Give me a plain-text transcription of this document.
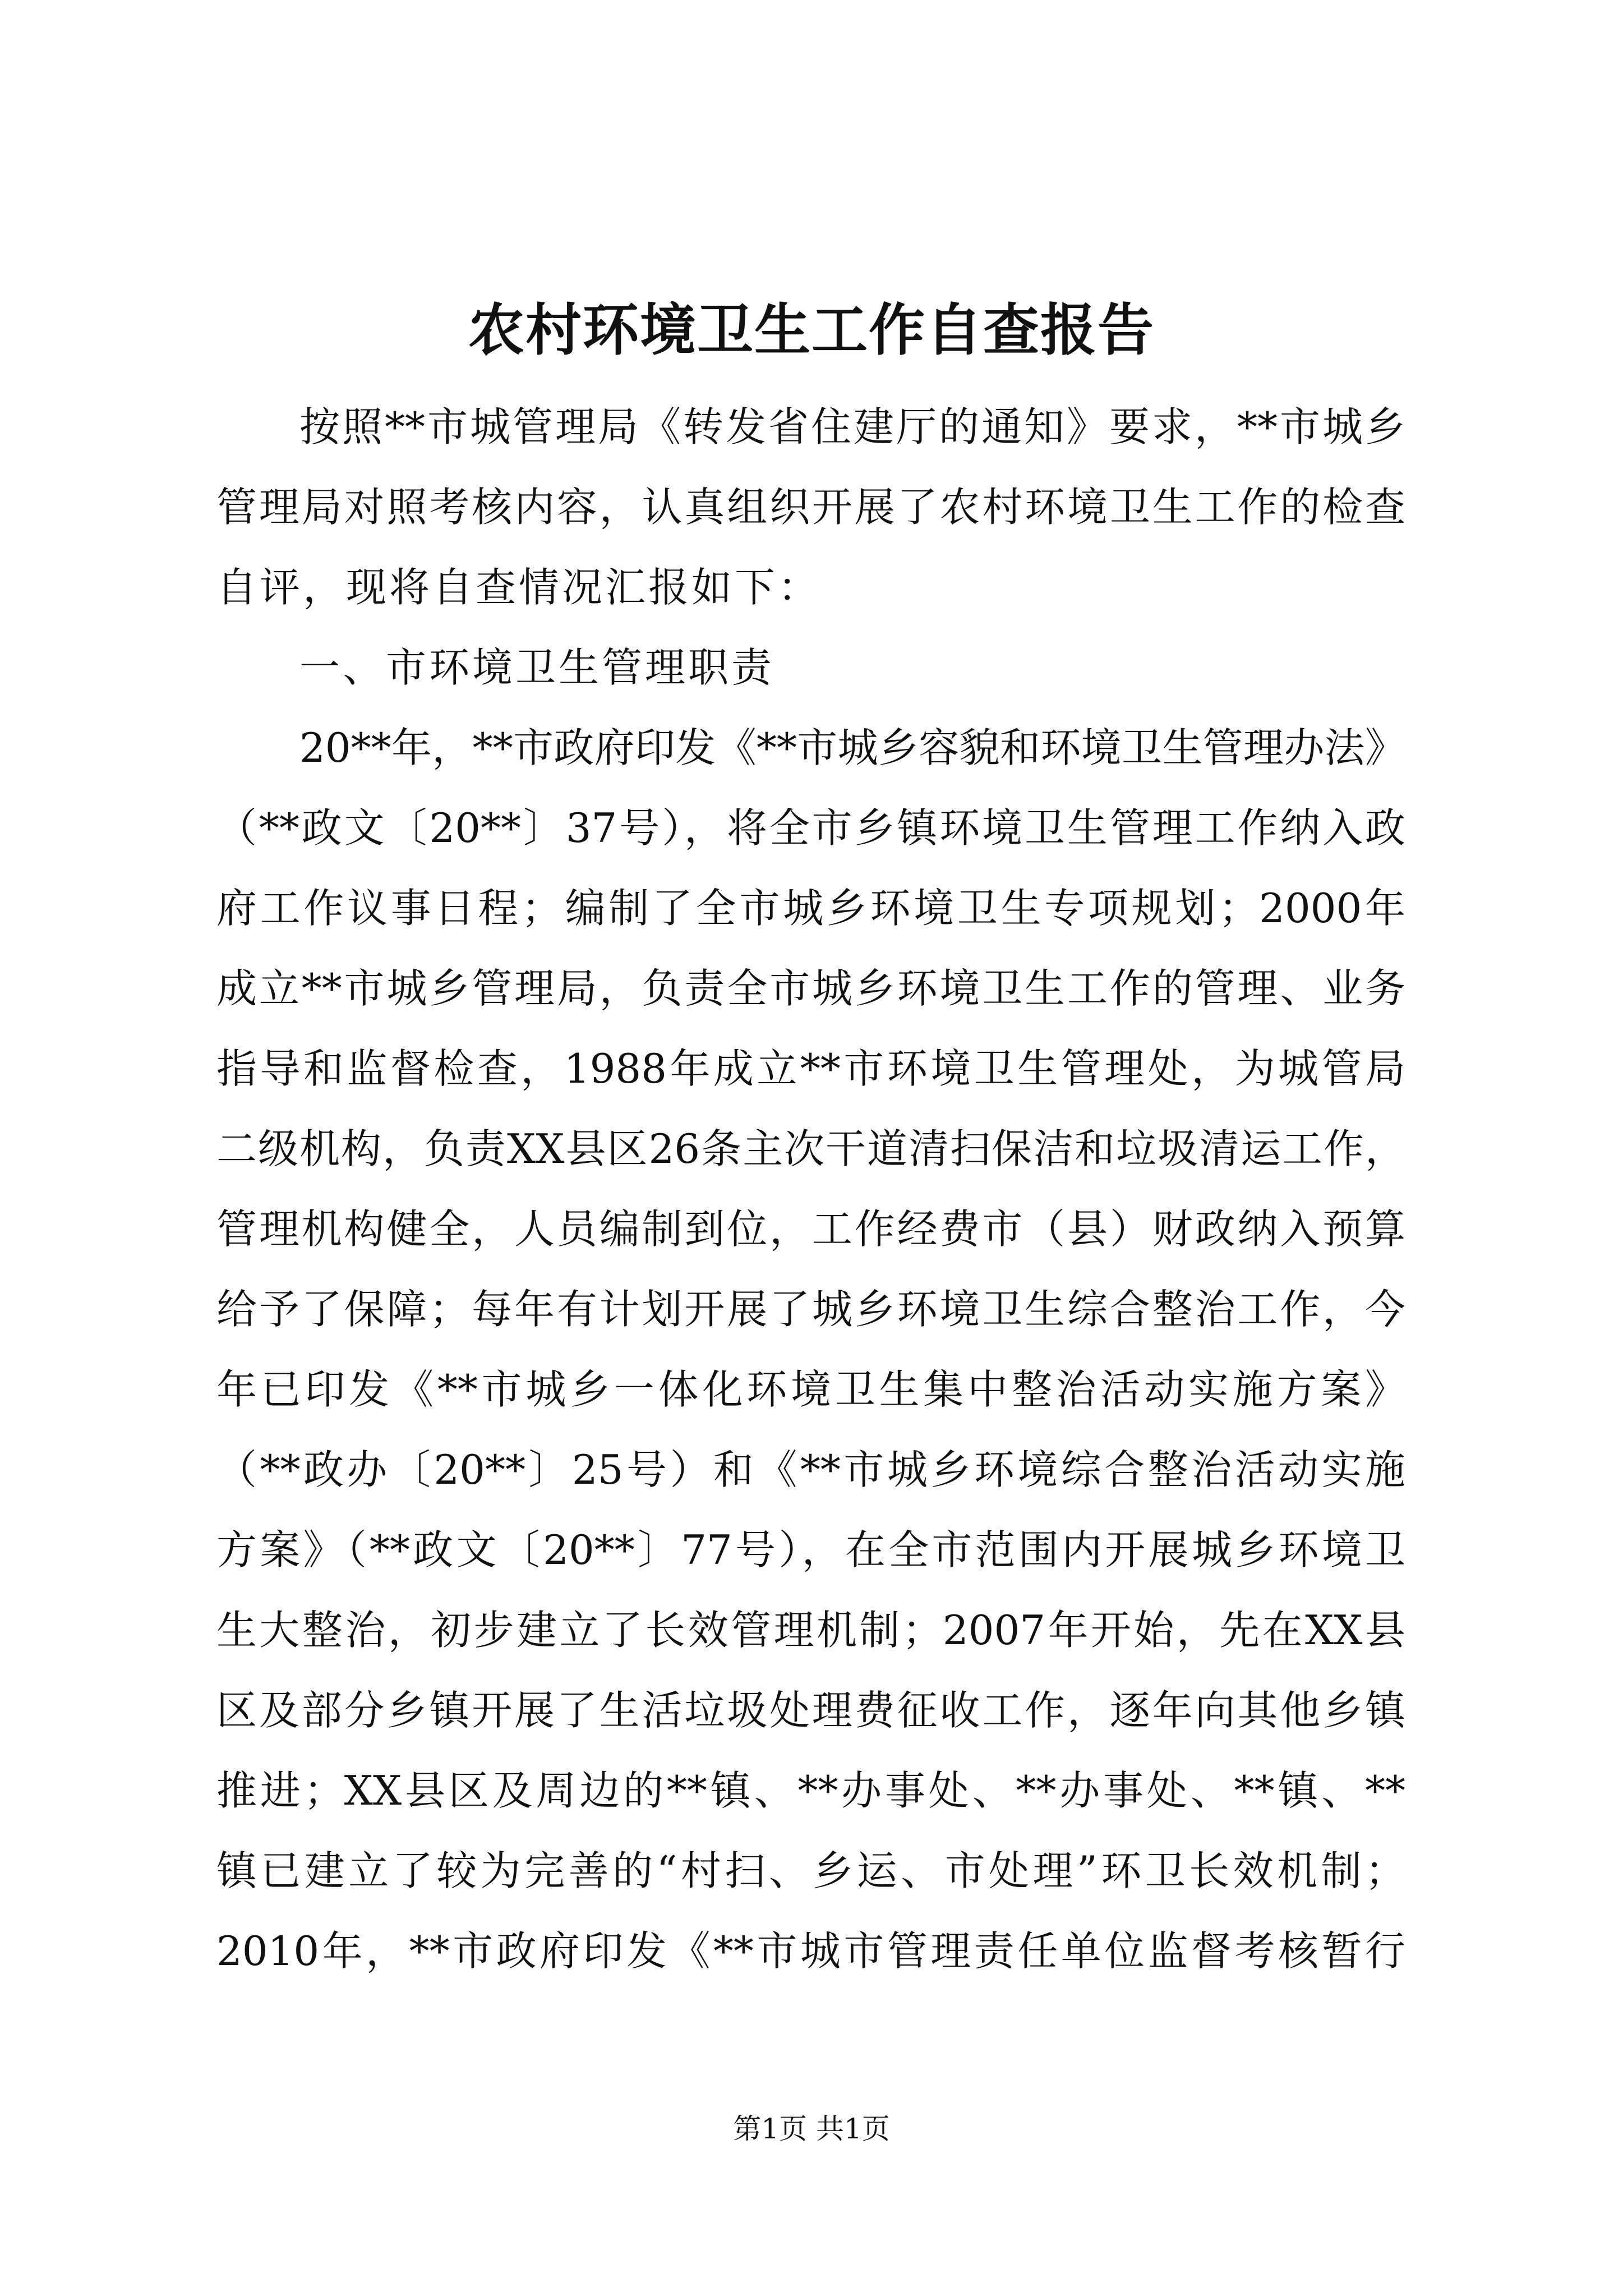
农村环境卫生工作自查报告
按照**市城管理局《转发省住建厅的通知》要求，**市城乡
管理局对照考核内容，认真组织开展了农村环境卫生工作的检查
自评，现将自查情况汇报如下：
一、市环境卫生管理职责
20**年，**市政府印发《**市城乡容貌和环境卫生管理办法》
（**政文〔20**〕37号），将全市乡镇环境卫生管理工作纳入政
府工作议事日程；编制了全市城乡环境卫生专项规划；2000年
成立**市城乡管理局，负责全市城乡环境卫生工作的管理、业务
指导和监督检查，1988年成立**市环境卫生管理处，为城管局
二级机构，负责XX县区26条主次干道清扫保洁和垃圾清运工作，
管理机构健全，人员编制到位，工作经费市（县）财政纳入预算
给予了保障；每年有计划开展了城乡环境卫生综合整治工作，今
年已印发《**市城乡一体化环境卫生集中整治活动实施方案》
（**政办〔20**〕25号）和《**市城乡环境综合整治活动实施
方案》（**政文〔20**〕77号），在全市范围内开展城乡环境卫
生大整治，初步建立了长效管理机制；2007年开始，先在XX县
区及部分乡镇开展了生活垃圾处理费征收工作，逐年向其他乡镇
推进；XX县区及周边的**镇、**办事处、**办事处、**镇、**
镇已建立了较为完善的“村扫、乡运、市处理”环卫长效机制；
2010年，**市政府印发《**市城市管理责任单位监督考核暂行
第1页 共1页
